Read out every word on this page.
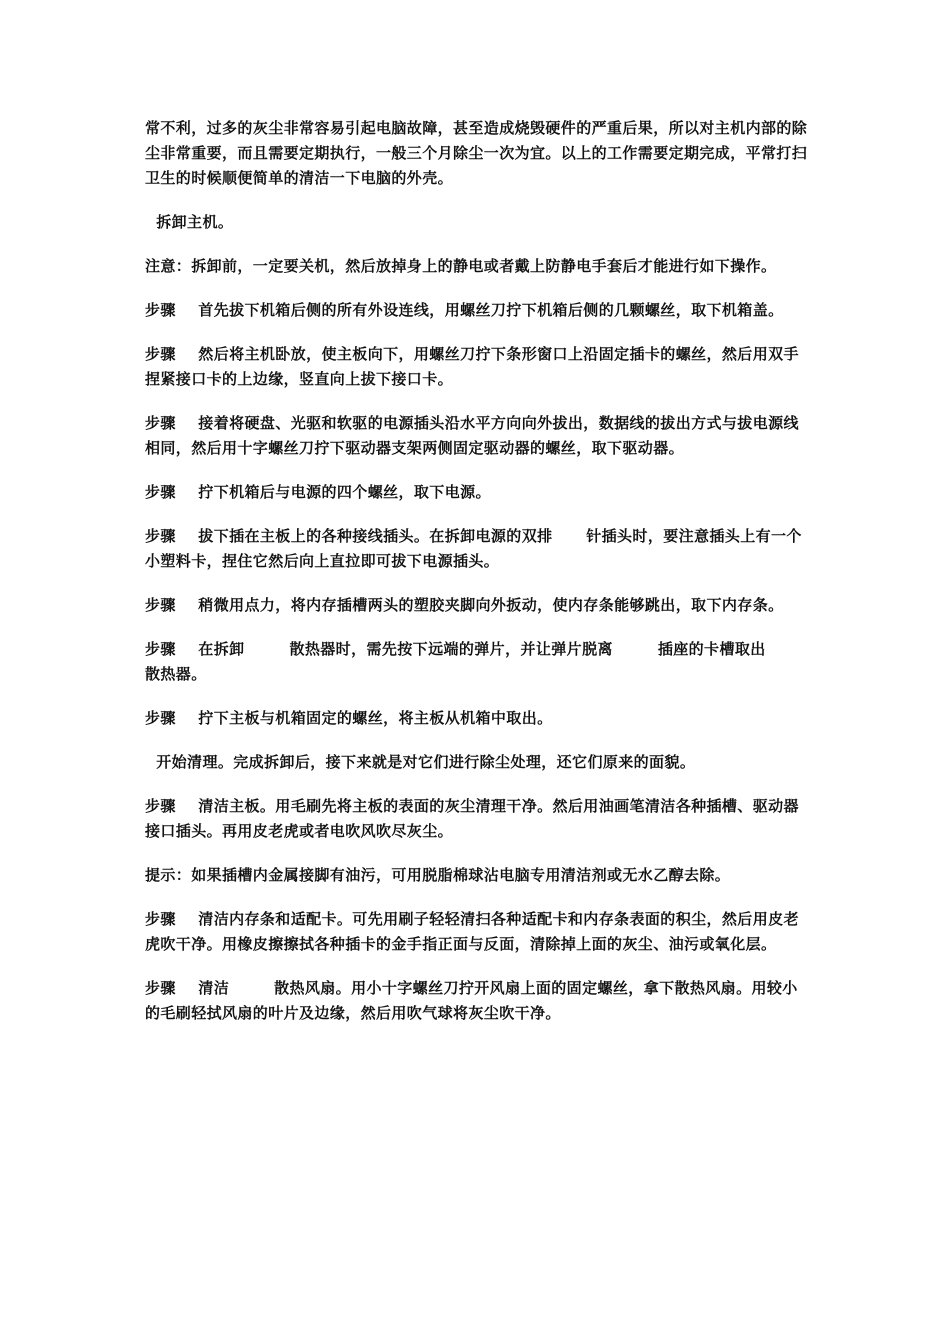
常不利，过多的灰尘非常容易引起电脑故障，甚至造成烧毁硬件的严重后果，所以对主机内部的除尘非常重要，而且需要定期执行，一般三个月除尘一次为宜。以上的工作需要定期完成，平常打扫卫生的时候顺便简单的清洁一下电脑的外壳。

拆卸主机。

注意：拆卸前，一定要关机，然后放掉身上的静电或者戴上防静电手套后才能进行如下操作。

步骤    首先拔下机箱后侧的所有外设连线，用螺丝刀拧下机箱后侧的几颗螺丝，取下机箱盖。

步骤    然后将主机卧放，使主板向下，用螺丝刀拧下条形窗口上沿固定插卡的螺丝，然后用双手捏紧接口卡的上边缘，竖直向上拔下接口卡。

步骤    接着将硬盘、光驱和软驱的电源插头沿水平方向向外拔出，数据线的拔出方式与拔电源线相同，然后用十字螺丝刀拧下驱动器支架两侧固定驱动器的螺丝，取下驱动器。

步骤    拧下机箱后与电源的四个螺丝，取下电源。

步骤    拔下插在主板上的各种接线插头。在拆卸电源的双排      针插头时，要注意插头上有一个小塑料卡，捏住它然后向上直拉即可拔下电源插头。

步骤    稍微用点力，将内存插槽两头的塑胶夹脚向外扳动，使内存条能够跳出，取下内存条。

步骤    在拆卸        散热器时，需先按下远端的弹片，并让弹片脱离        插座的卡槽取出        散热器。

步骤    拧下主板与机箱固定的螺丝，将主板从机箱中取出。

开始清理。完成拆卸后，接下来就是对它们进行除尘处理，还它们原来的面貌。

步骤    清洁主板。用毛刷先将主板的表面的灰尘清理干净。然后用油画笔清洁各种插槽、驱动器接口插头。再用皮老虎或者电吹风吹尽灰尘。

提示：如果插槽内金属接脚有油污，可用脱脂棉球沾电脑专用清洁剂或无水乙醇去除。

步骤    清洁内存条和适配卡。可先用刷子轻轻清扫各种适配卡和内存条表面的积尘，然后用皮老虎吹干净。用橡皮擦擦拭各种插卡的金手指正面与反面，清除掉上面的灰尘、油污或氧化层。

步骤    清洁        散热风扇。用小十字螺丝刀拧开风扇上面的固定螺丝，拿下散热风扇。用较小的毛刷轻拭风扇的叶片及边缘，然后用吹气球将灰尘吹干净。
